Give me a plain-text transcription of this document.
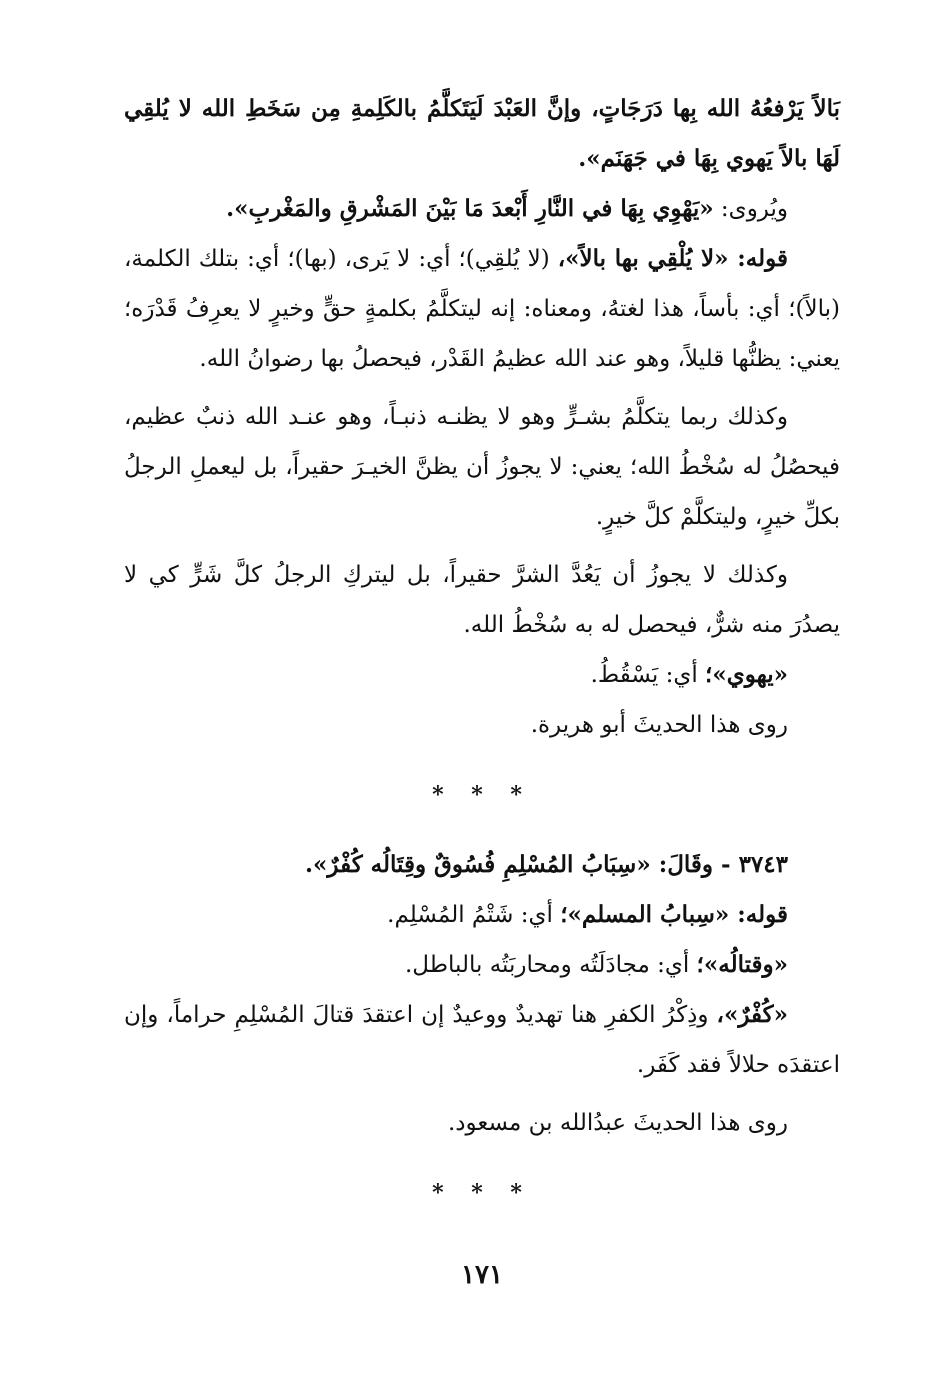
بَالاً يَرْفعُهُ الله بِها دَرَجَاتٍ، وإنَّ العَبْدَ لَيَتَكلَّمُ بالكَلِمةِ مِن سَخَطِ الله لا يُلقِي لَهَا بالاً يَهوي بِهَا في جَهَنَم».

ويُروى: «يَهْوِي بِهَا في النَّارِ أَبْعدَ مَا بَيْنَ المَشْرقِ والمَغْربِ».

قوله: «لا يُلْقِي بها بالاً»، (لا يُلقِي)؛ أي: لا يَرى، (بها)؛ أي: بتلك الكلمة، (بالاً)؛ أي: بأساً، هذا لغتهُ، ومعناه: إنه ليتكلَّمُ بكلمةٍ حقٍّ وخيرٍ لا يعرِفُ قَدْرَه؛ يعني: يظنُّها قليلاً، وهو عند الله عظيمُ القَدْر، فيحصلُ بها رضوانُ الله.

وكذلك ربما يتكلَّمُ بشـرٍّ وهو لا يظنـه ذنبـاً، وهو عنـد الله ذنبٌ عظيم، فيحصُلُ له سُخْطُ الله؛ يعني: لا يجوزُ أن يظنَّ الخيـرَ حقيراً، بل ليعملِ الرجلُ بكلِّ خيرٍ، وليتكلَّمْ كلَّ خيرٍ.

وكذلك لا يجوزُ أن يَعُدَّ الشرَّ حقيراً، بل ليتركِ الرجلُ كلَّ شَرٍّ كي لا يصدُرَ منه شرٌّ، فيحصل له به سُخْطُ الله.

«يهوي»؛ أي: يَسْقُطُ.

روى هذا الحديثَ أبو هريرة.

* * *

٣٧٤٣ - وقَالَ: «سِبَابُ المُسْلِمِ فُسُوقٌ وقِتَالُه كُفْرٌ».

قوله: «سِبابُ المسلم»؛ أي: شَتْمُ المُسْلِم.

«وقتالُه»؛ أي: مجادَلَتُه ومحاربَتُه بالباطل.

«كُفْرٌ»، وذِكْرُ الكفرِ هنا تهديدٌ ووعيدٌ إن اعتقدَ قتالَ المُسْلِمِ حراماً، وإن اعتقدَه حلالاً فقد كَفَر.

روى هذا الحديثَ عبدُالله بن مسعود.

* * *

١٧١
